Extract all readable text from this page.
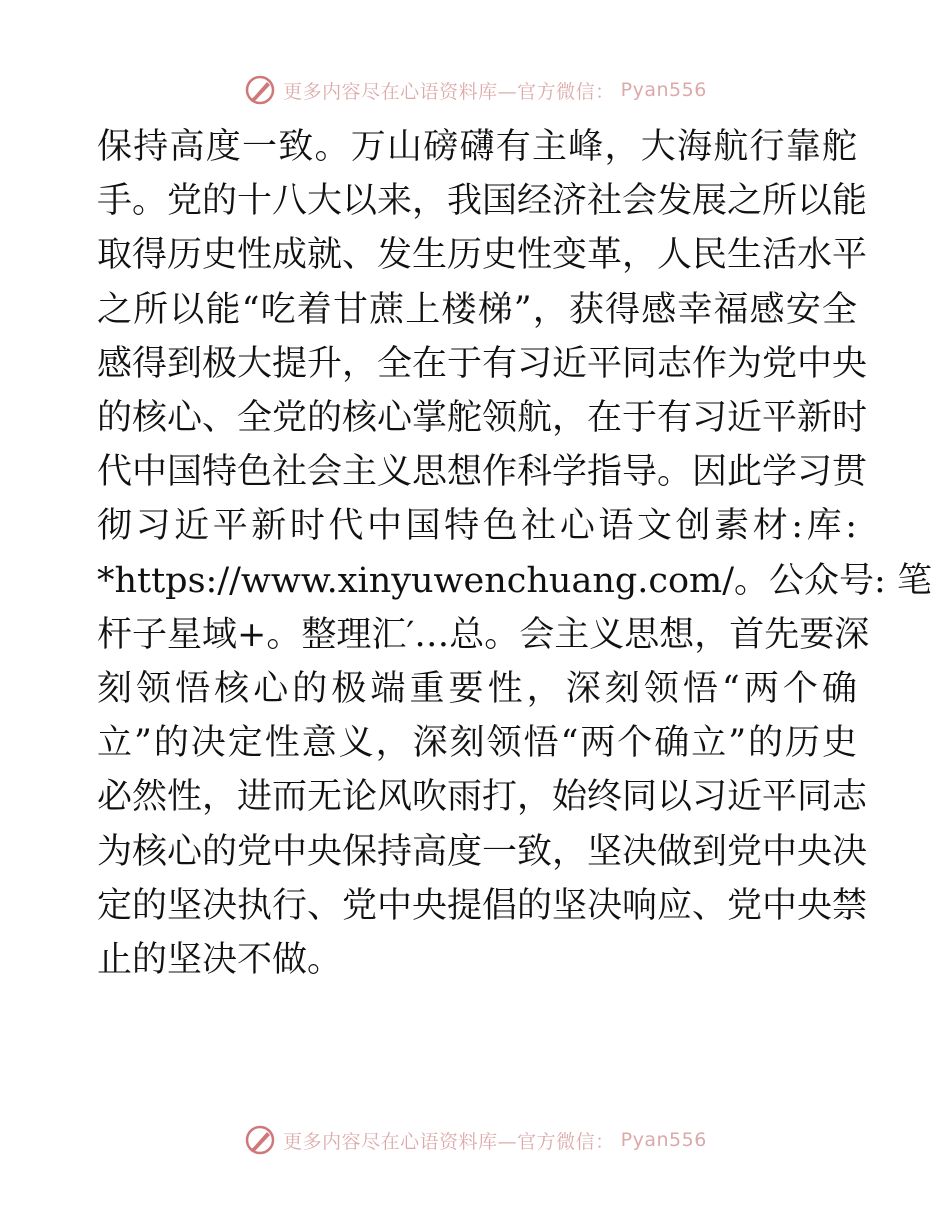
更多内容尽在心语资料库—官方微信： Pyan556
保持高度一致。万山磅礴有主峰，大海航行靠舵
手。党的十八大以来，我国经济社会发展之所以能
取得历史性成就、发生历史性变革，人民生活水平
之所以能“吃着甘蔗上楼梯”，获得感幸福感安全
感得到极大提升，全在于有习近平同志作为党中央
的核心、全党的核心掌舵领航，在于有习近平新时
代中国特色社会主义思想作科学指导。因此学习贯
彻习近平新时代中国特色社心语文创素材:库:
*https://www.xinyuwenchuang.com/。公众号: 笔
杆子星域+。整理汇′…总。会主义思想，首先要深
刻领悟核心的极端重要性，深刻领悟“两个确
立”的决定性意义，深刻领悟“两个确立”的历史
必然性，进而无论风吹雨打，始终同以习近平同志
为核心的党中央保持高度一致，坚决做到党中央决
定的坚决执行、党中央提倡的坚决响应、党中央禁
止的坚决不做。
更多内容尽在心语资料库—官方微信： Pyan556
